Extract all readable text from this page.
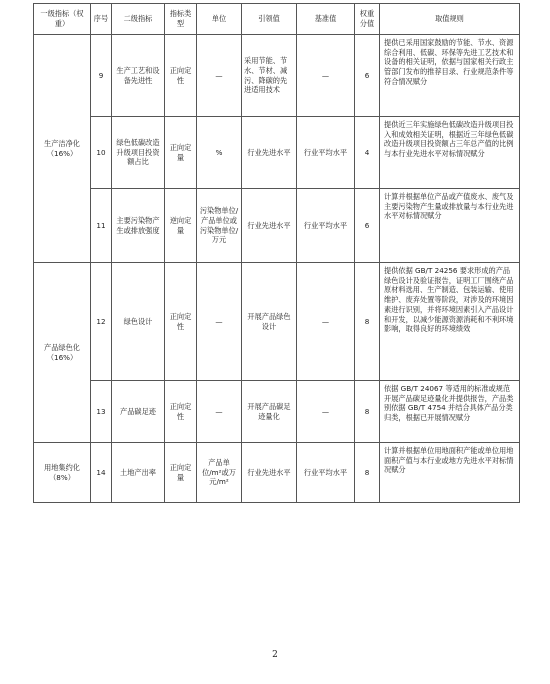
一级指标（权重）	序号	二级指标	指标类型	单位	引领值	基准值	权重分值	取值规则
生产洁净化（16%）	9	生产工艺和设备先进性	正向定性	—	采用节能、节水、节材、减污、降碳的先进适用技术	—	6	提供已采用国家鼓励的节能、节水、资源综合利用、低碳、环保等先进工艺技术和设备的相关证明，依据与国家相关行政主管部门发布的推荐目录、行业规范条件等符合情况赋分
	10	绿色低碳改造升级项目投资额占比	正向定量	%	行业先进水平	行业平均水平	4	提供近三年实施绿色低碳改造升级项目投入和成效相关证明，根据近三年绿色低碳改造升级项目投资额占三年总产值的比例与本行业先进水平对标情况赋分
	11	主要污染物产生或排放强度	逆向定量	污染物单位/产品单位或污染物单位/万元	行业先进水平	行业平均水平	6	计算并根据单位产品或产值废水、废气及主要污染物产生量或排放量与本行业先进水平对标情况赋分
产品绿色化（16%）	12	绿色设计	正向定性	—	开展产品绿色设计	—	8	提供依据 GB/T 24256 要求形成的产品绿色设计及验证报告，证明工厂围绕产品原材料选用、生产制造、包装运输、使用维护、废弃处置等阶段，对涉及的环境因素进行识别，并将环境因素引入产品设计和开发，以减少能源资源消耗和不利环境影响，取得良好的环境绩效
	13	产品碳足迹	正向定性	—	开展产品碳足迹量化	—	8	依据 GB/T 24067 等适用的标准或规范开展产品碳足迹量化并提供报告，产品类别依据 GB/T 4754 并结合具体产品分类归类，根据已开展情况赋分
用地集约化（8%）	14	土地产出率	正向定量	产品单位/m²或万元/m²	行业先进水平	行业平均水平	8	计算并根据单位用地面积产能或单位用地面积产值与本行业或地方先进水平对标情况赋分
2
